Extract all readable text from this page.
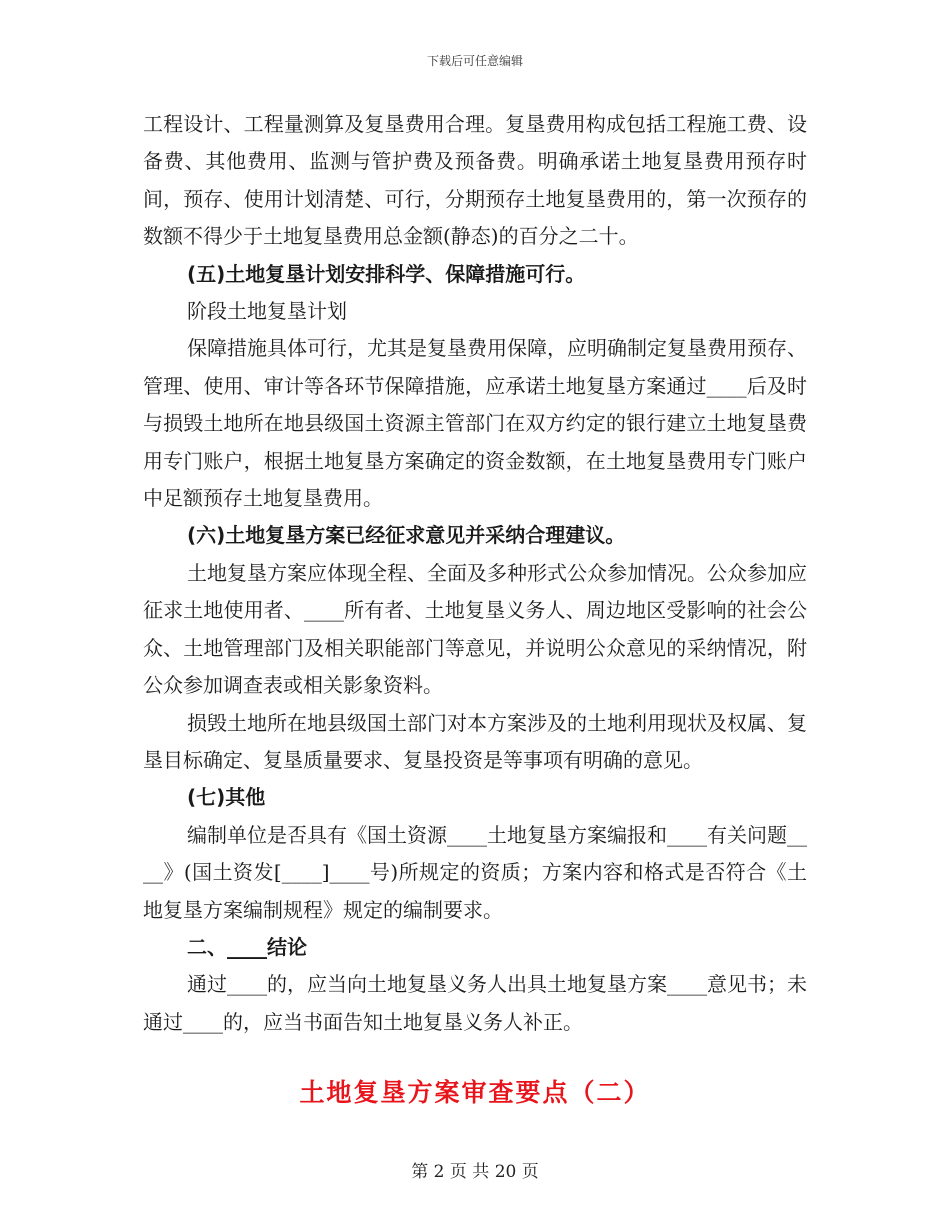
下载后可任意编辑

工程设计、工程量测算及复垦费用合理。复垦费用构成包括工程施工费、设备费、其他费用、监测与管护费及预备费。明确承诺土地复垦费用预存时间，预存、使用计划清楚、可行，分期预存土地复垦费用的，第一次预存的数额不得少于土地复垦费用总金额(静态)的百分之二十。

(五)土地复垦计划安排科学、保障措施可行。

阶段土地复垦计划

保障措施具体可行，尤其是复垦费用保障，应明确制定复垦费用预存、管理、使用、审计等各环节保障措施，应承诺土地复垦方案通过____后及时与损毁土地所在地县级国土资源主管部门在双方约定的银行建立土地复垦费用专门账户，根据土地复垦方案确定的资金数额，在土地复垦费用专门账户中足额预存土地复垦费用。

(六)土地复垦方案已经征求意见并采纳合理建议。

土地复垦方案应体现全程、全面及多种形式公众参加情况。公众参加应征求土地使用者、____所有者、土地复垦义务人、周边地区受影响的社会公众、土地管理部门及相关职能部门等意见，并说明公众意见的采纳情况，附公众参加调查表或相关影象资料。

损毁土地所在地县级国土部门对本方案涉及的土地利用现状及权属、复垦目标确定、复垦质量要求、复垦投资是等事项有明确的意见。

(七)其他

编制单位是否具有《国土资源____土地复垦方案编报和____有关问题____》(国土资发[____]____号)所规定的资质；方案内容和格式是否符合《土地复垦方案编制规程》规定的编制要求。

二、____结论

通过____的，应当向土地复垦义务人出具土地复垦方案____意见书；未通过____的，应当书面告知土地复垦义务人补正。

土地复垦方案审查要点（二）
第 2 页 共 20 页
